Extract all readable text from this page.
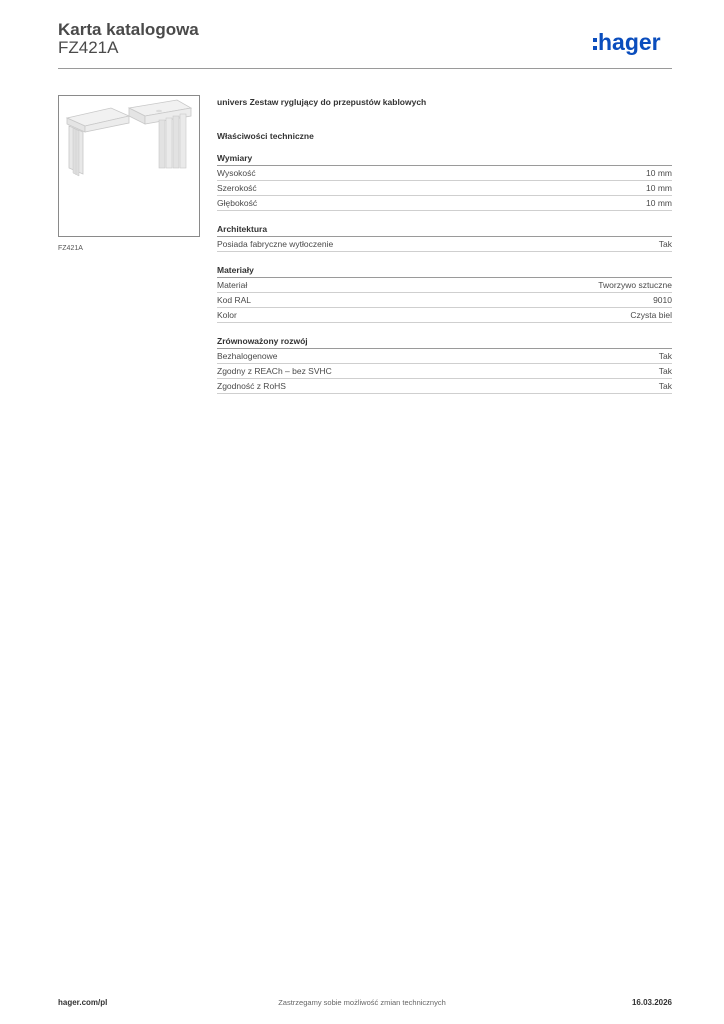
Karta katalogowa
FZ421A	hager
FZ421A
univers Zestaw ryglujący do przepustów kablowych
Właściwości techniczne
Wymiary
Wysokość	10 mm
Szerokość	10 mm
Głębokość	10 mm
Architektura
Posiada fabryczne wytłoczenie	Tak
Materiały
Materiał	Tworzywo sztuczne
Kod RAL	9010
Kolor	Czysta biel
Zrównoważony rozwój
Bezhalogenowe	Tak
Zgodny z REACh – bez SVHC	Tak
Zgodność z RoHS	Tak
Zastrzegamy sobie możliwość zmian technicznych
hager.com/pl	16.03.2026
